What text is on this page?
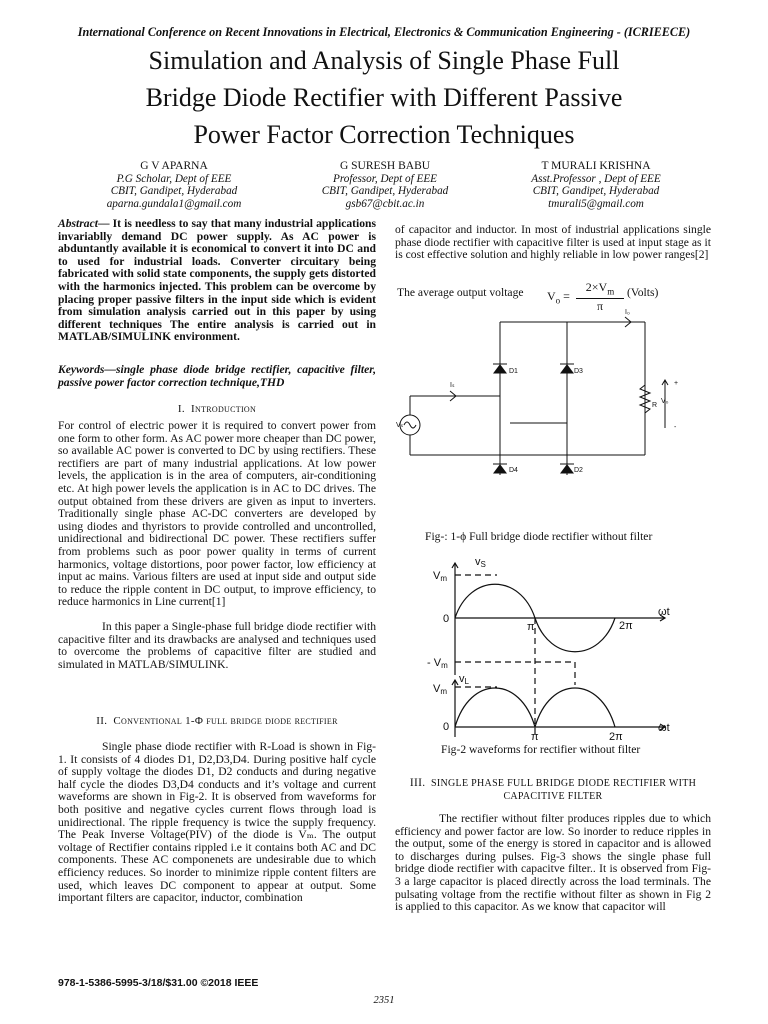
International Conference on Recent Innovations in Electrical, Electronics & Communication Engineering - (ICRIEECE)
Simulation and Analysis of Single Phase Full
Bridge Diode Rectifier with Different Passive
Power Factor Correction Techniques
G V APARNA
P.G Scholar, Dept of EEE
CBIT, Gandipet, Hyderabad
aparna.gundala1@gmail.com
G SURESH BABU
Professor, Dept of EEE
CBIT, Gandipet, Hyderabad
gsb67@cbit.ac.in
T MURALI KRISHNA
Asst.Professor , Dept of EEE
CBIT, Gandipet, Hyderabad
tmurali5@gmail.com
Abstract— It is needless to say that many industrial applications invariablly demand DC power supply. As AC power is abduntantly available it is economical to convert it into DC and to used for industrial loads. Converter circuitary being fabricated with solid state components, the supply gets distorted with the harmonics injected. This problem can be overcome by placing proper passive filters in the input side which is evident from simulation analysis carried out in this paper by using different techniques The entire analysis is carried out in MATLAB/SIMULINK environment.
Keywords—single phase diode bridge rectifier, capacitive filter, passive power factor correction technique,THD
I. Introduction

For control of electric power it is required to convert power from one form to other form. As AC power more cheaper than DC power, so available AC power is converted to DC by using rectifiers. These rectifiers are part of many industrial applications. At low power levels, the application is in the area of computers, air-conditioning etc. At high power levels the application is in AC to DC drives. The output obtained from these drivers are given as input to inverters. Traditionally single phase AC-DC converters are developed by using diodes and thyristors to provide controlled and uncontrolled, unidirectional and bidirectional DC power. These rectifiers suffer from problems such as poor power quality in terms of current harmonics, voltage distortions, poor power factor, low efficiency at input ac mains. Various filters are used at input side and output side to reduce the ripple content in DC output, to improve efficiency, to reduce harmonics in Line current[1]

In this paper a Single-phase full bridge diode rectifier with capacitive filter and its drawbacks are analysed and techniques used to overcome the problems of capacitive filter are studied and simulated in MATLAB/SIMULINK.

II. Conventional 1-Φ full bridge diode rectifier

Single phase diode rectifier with R-Load is shown in Fig-1. It consists of 4 diodes D1, D2,D3,D4. During positive half cycle of supply voltage the diodes D1, D2 conducts and during negative half cycle the diodes D3,D4 conducts and it’s voltage and current waveforms are shown in Fig-2. It is observed from waveforms for both positive and negative cycles current flows through load is unidirectional. The ripple frequency is twice the supply frequency. The Peak Inverse Voltage(PIV) of the diode is Vₘ. The output voltage of Rectifier contains rippled i.e it contains both AC and DC components. These AC componenets are undesirable due to which efficiency reduces. So inorder to minimize ripple content filters are used, which leaves DC component to appear at output. Some important filters are capacitor, inductor, combination

of capacitor and inductor. In most of industrial applications single phase diode rectifier with capacitive filter is used at input stage as it is cost effective solution and highly reliable in low power ranges[2]

The average output voltage $V_o = \frac{2\times V_m}{\pi}$ (Volts)
I₀
Iₛ
D1	D3
D4	D2
Vₛ
R
V₀
+
-
Fig-: 1-ϕ Full bridge diode rectifier without filter
vS
Vm
0
π	2π
ωt
- Vm
vL
Vm
0
π	2π
ωt
Fig-2 waveforms for rectifier without filter
III. SINGLE PHASE FULL BRIDGE DIODE RECTIFIER WITH
CAPACITIVE FILTER

The rectifier without filter produces ripples due to which efficiency and power factor are low. So inorder to reduce ripples in the output, some of the energy is stored in capacitor and is allowed to discharges during pulses. Fig-3 shows the single phase full bridge diode rectifier with capacitve filter.. It is observed from Fig-3 a large capacitor is placed directly across the load terminals. The pulsating voltage from the rectifie without filter as shown in Fig 2 is applied to this capacitor. As we know that capacitor will

978-1-5386-5995-3/18/$31.00 ©2018 IEEE
2351
